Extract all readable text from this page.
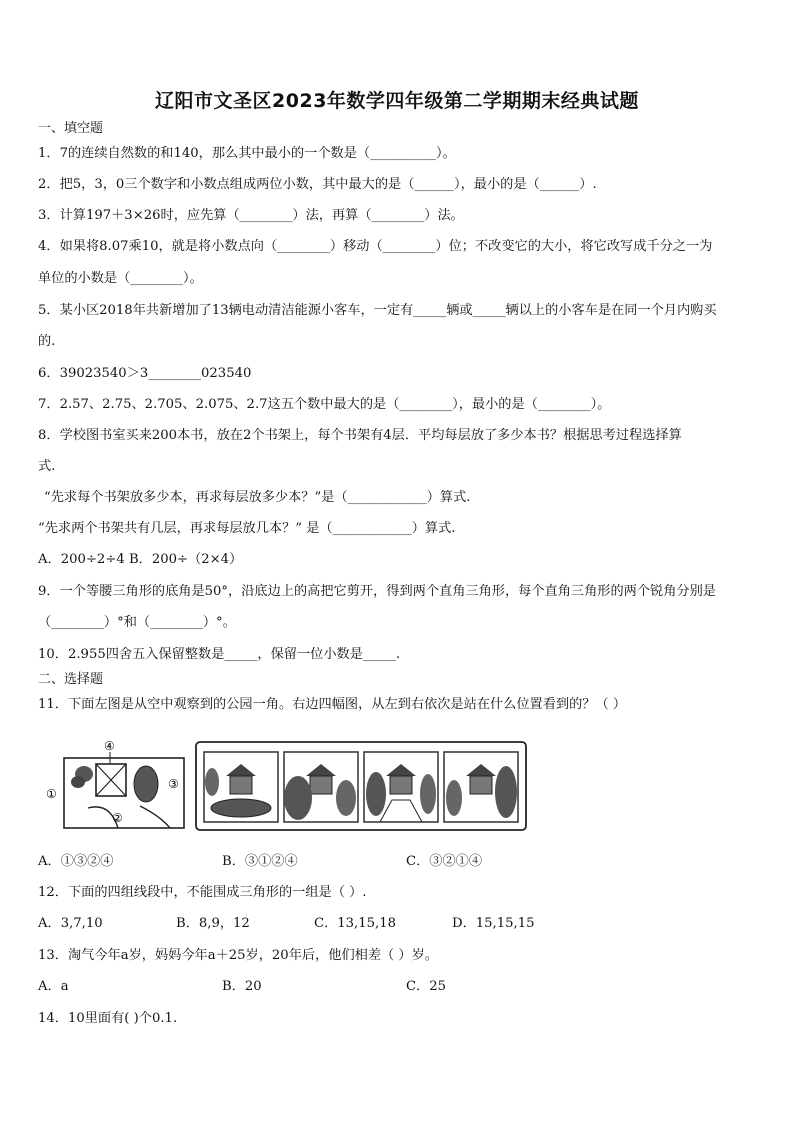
辽阳市文圣区2023年数学四年级第二学期期末经典试题
一、填空题
1．7的连续自然数的和140，那么其中最小的一个数是（__________）。
2．把5，3，0三个数字和小数点组成两位小数，其中最大的是（______），最小的是（______）.
3．计算197＋3×26时，应先算（________）法，再算（________）法。
4．如果将8.07乘10，就是将小数点向（________）移动（________）位；不改变它的大小，将它改写成千分之一为
单位的小数是（________）。
5．某小区2018年共新增加了13辆电动清洁能源小客车，一定有_____辆或_____辆以上的小客车是在同一个月内购买
的.
6．39023540＞3________023540
7．2.57、2.75、2.705、2.075、2.7这五个数中最大的是（________），最小的是（________）。
8．学校图书室买来200本书，放在2个书架上，每个书架有4层．平均每层放了多少本书？根据思考过程选择算
式.
“先求每个书架放多少本，再求每层放多少本？”是（____________）算式.
“先求两个书架共有几层，再求每层放几本？” 是（____________）算式.
A．200÷2÷4 B．200÷（2×4）
9．一个等腰三角形的底角是50°，沿底边上的高把它剪开，得到两个直角三角形，每个直角三角形的两个锐角分别是
（________）°和（________）°。
10．2.955四舍五入保留整数是_____，保留一位小数是_____.
二、选择题
11．下面左图是从空中观察到的公园一角。右边四幅图，从左到右依次是站在什么位置看到的？（ ）
④
①
③
②
A．①③②④	B．③①②④	C．③②①④
12．下面的四组线段中，不能围成三角形的一组是（ ）.
A．3,7,10	B．8,9，12	C．13,15,18	D．15,15,15
13．淘气今年a岁，妈妈今年a＋25岁，20年后，他们相差（ ）岁。
A．a	B．20	C．25
14．10里面有( )个0.1.
